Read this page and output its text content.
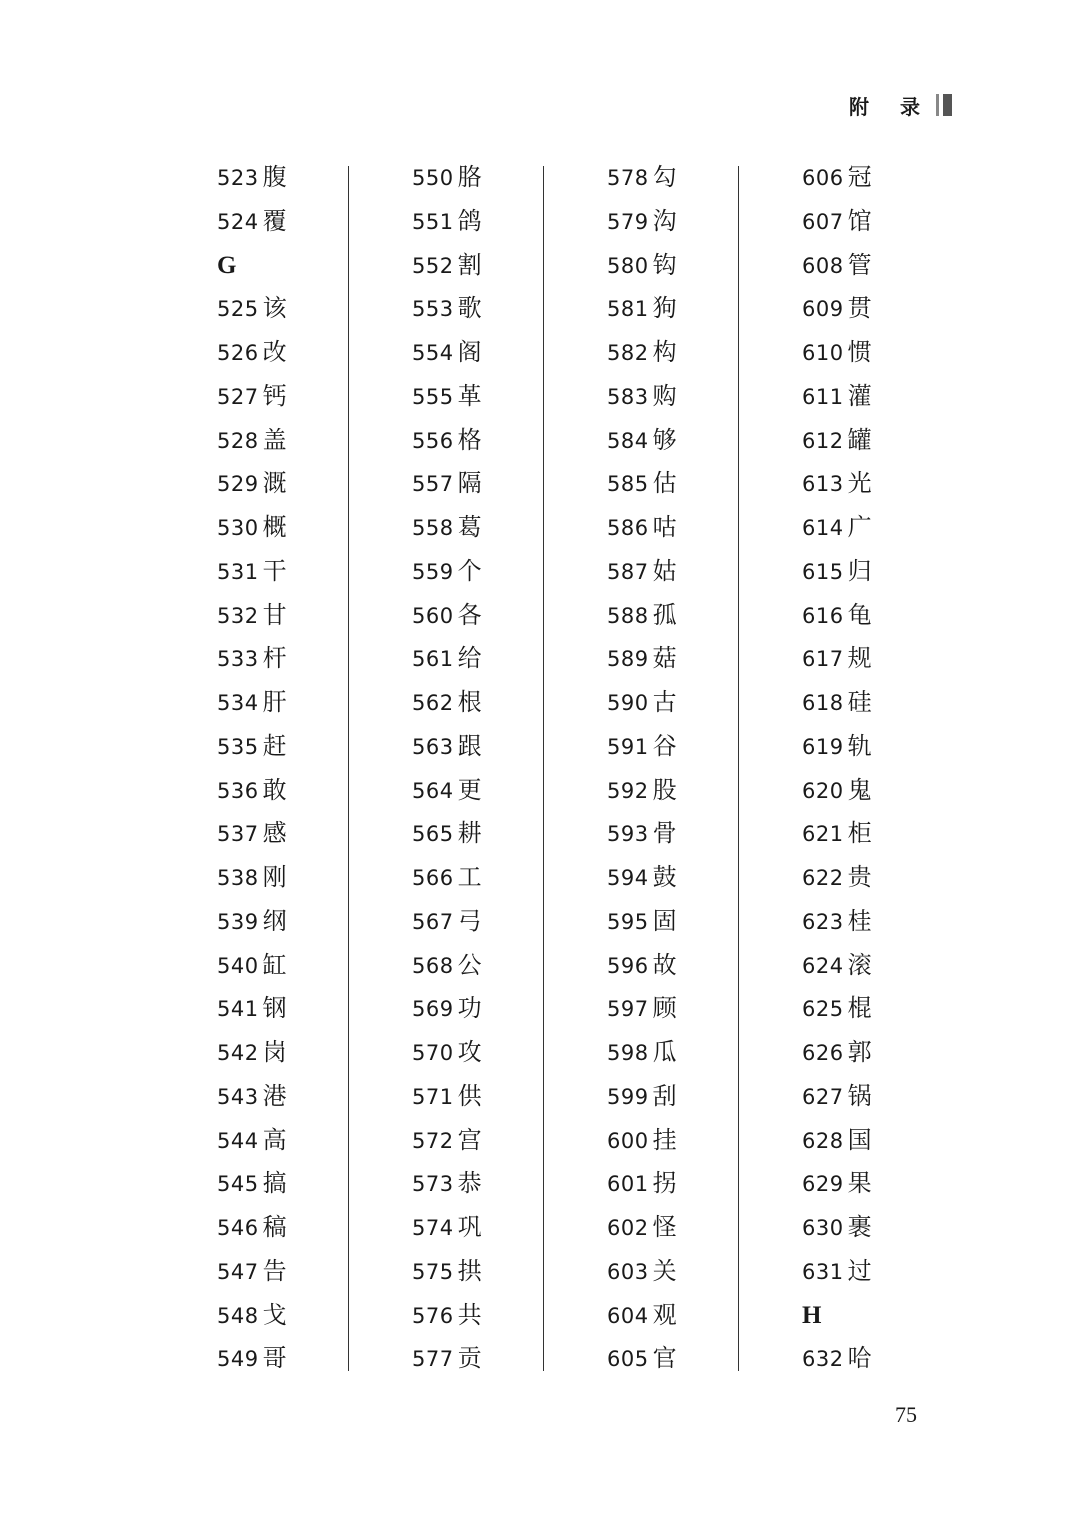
附 录
523 腹
524 覆
G
525 该
526 改
527 钙
528 盖
529 溉
530 概
531 干
532 甘
533 杆
534 肝
535 赶
536 敢
537 感
538 刚
539 纲
540 缸
541 钢
542 岗
543 港
544 高
545 搞
546 稿
547 告
548 戈
549 哥
550 胳
551 鸽
552 割
553 歌
554 阁
555 革
556 格
557 隔
558 葛
559 个
560 各
561 给
562 根
563 跟
564 更
565 耕
566 工
567 弓
568 公
569 功
570 攻
571 供
572 宫
573 恭
574 巩
575 拱
576 共
577 贡
578 勾
579 沟
580 钩
581 狗
582 构
583 购
584 够
585 估
586 咕
587 姑
588 孤
589 菇
590 古
591 谷
592 股
593 骨
594 鼓
595 固
596 故
597 顾
598 瓜
599 刮
600 挂
601 拐
602 怪
603 关
604 观
605 官
606 冠
607 馆
608 管
609 贯
610 惯
611 灌
612 罐
613 光
614 广
615 归
616 龟
617 规
618 硅
619 轨
620 鬼
621 柜
622 贵
623 桂
624 滚
625 棍
626 郭
627 锅
628 国
629 果
630 裹
631 过
H
632 哈
75
